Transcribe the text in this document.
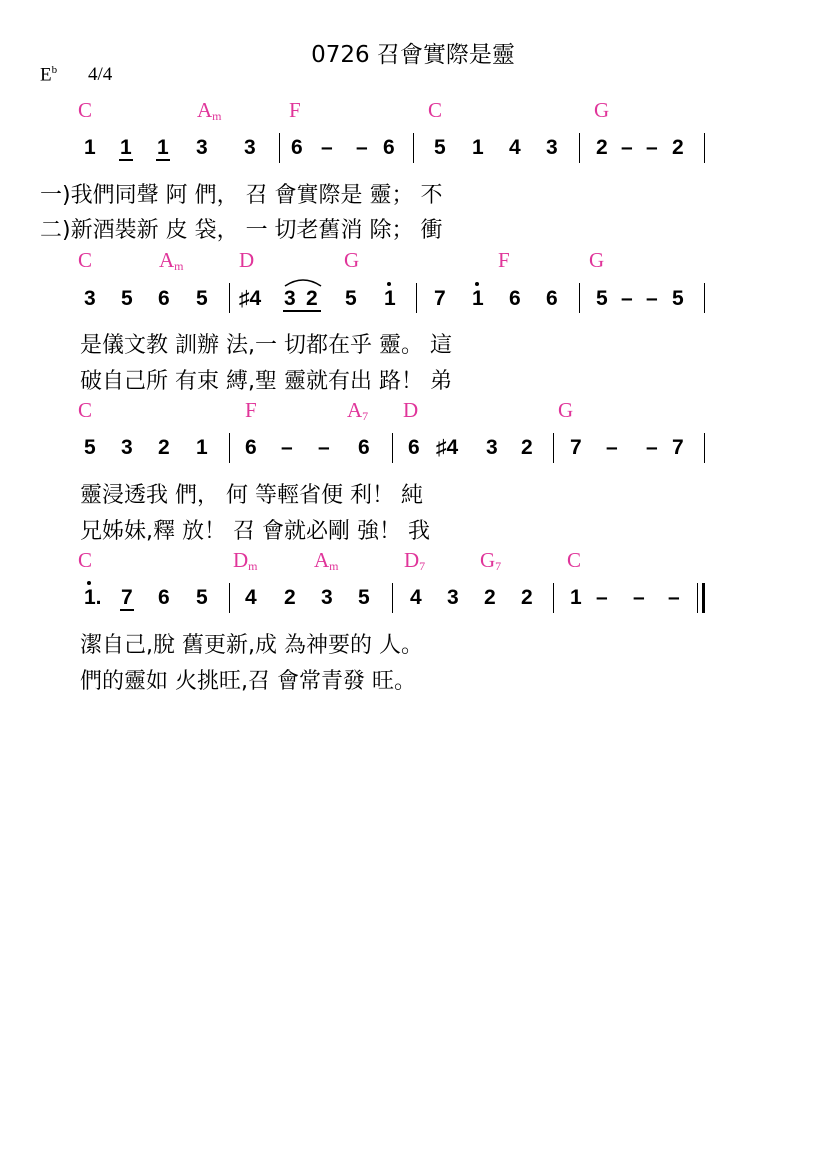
0726 召會實際是靈
$E^b$ 4/4
C	$A_m$	F	C	G
1 1 1 3 3 6 – – 6 5 1 4 3 2 – – 2
一)我們同聲 阿 們， 召 會實際是 靈； 不
二)新酒裝新 皮 袋， 一 切老舊消 除； 衝
C	$A_m$	D	G	F	G
3 5 6 5 ♯4 3 2 5 1 7 1 6 6 5 – – 5
是儀文教 訓辦 法,一 切都在乎 靈。 這
破自己所 有束 縛,聖 靈就有出 路！ 弟
C	F	$A_7$ D	G
5 3 2 1 6 – – 6 6 ♯4 3 2 7 – – 7
靈浸透我 們， 何 等輕省便 利！ 純
兄姊妹,釋 放！ 召 會就必剛 強！ 我
C	$D_m$	$A_m$	$D_7$	$G_7$	C
1. 7 6 5 4 2 3 5 4 3 2 2 1 – – –
潔自己,脫 舊更新,成 為神要的 人。
們的靈如 火挑旺,召 會常青發 旺。
